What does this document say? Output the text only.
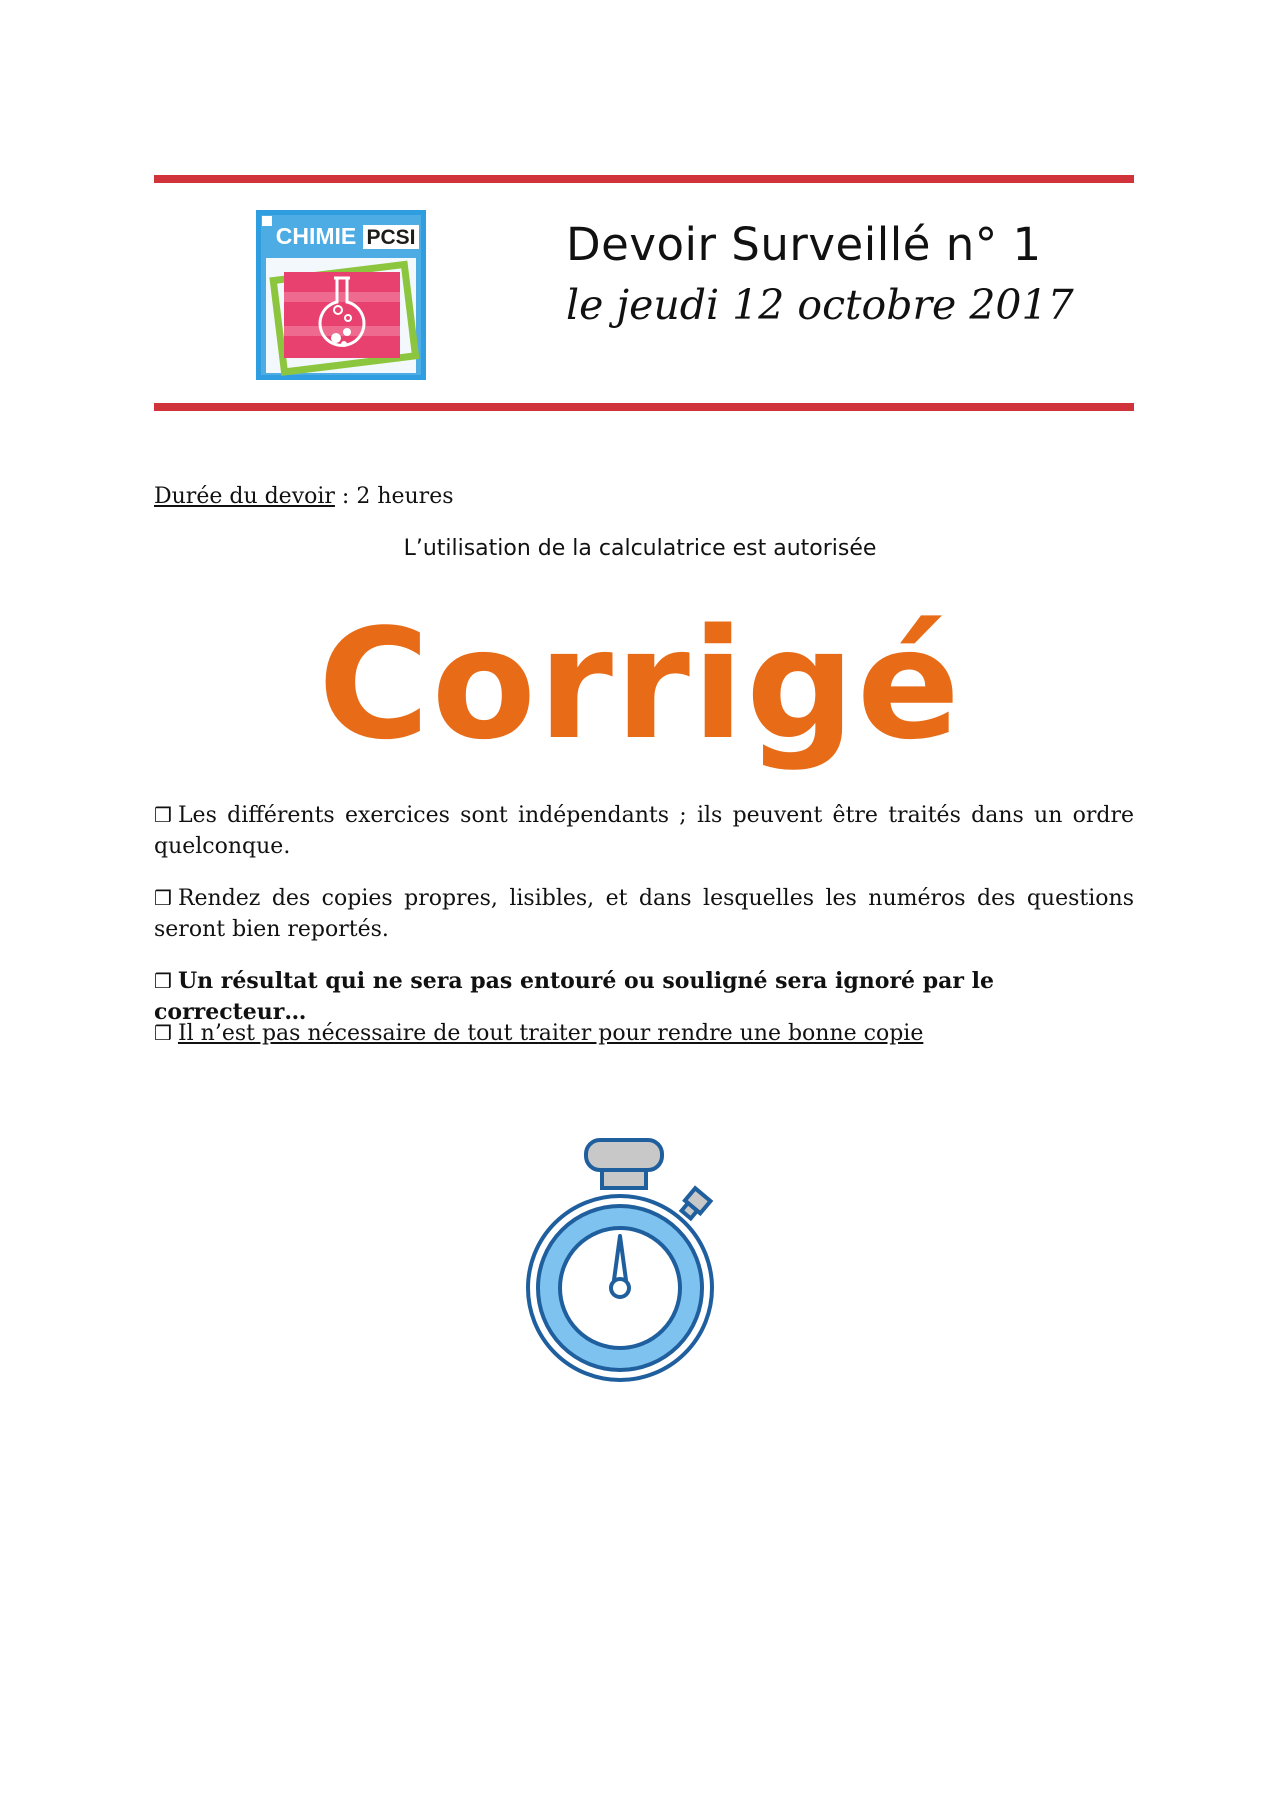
CHIMIE PCSI	Devoir Surveillé n° 1
le jeudi 12 octobre 2017
Durée du devoir : 2 heures
L’utilisation de la calculatrice est autorisée
Corrigé
❒ Les différents exercices sont indépendants ; ils peuvent être traités dans un ordre quelconque.
❒ Rendez des copies propres, lisibles, et dans lesquelles les numéros des questions seront bien reportés.
❒ Un résultat qui ne sera pas entouré ou souligné sera ignoré par le correcteur…
❒ Il n’est pas nécessaire de tout traiter pour rendre une bonne copie
